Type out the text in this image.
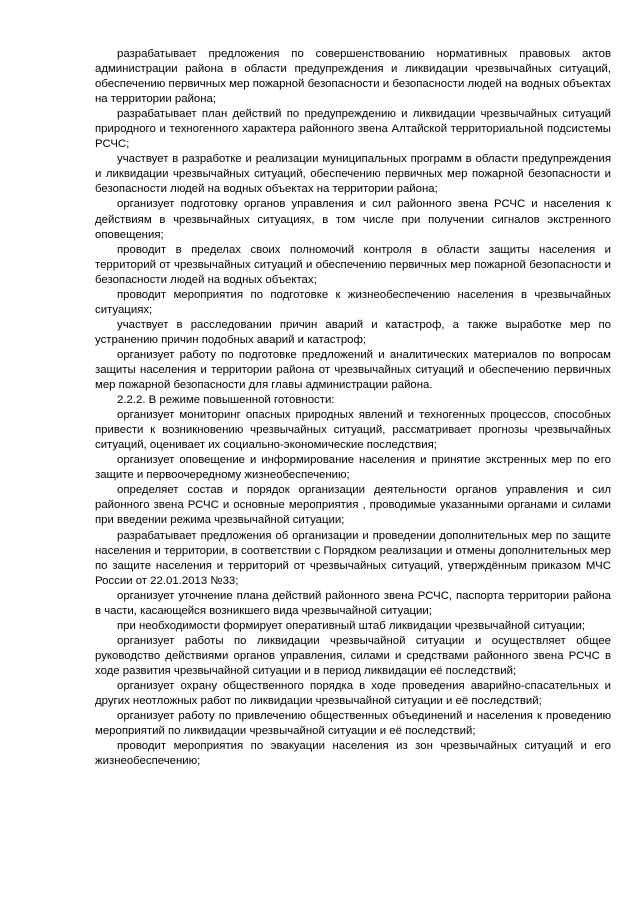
разрабатывает предложения по совершенствованию нормативных правовых актов администрации района в области предупреждения и ликвидации чрезвычайных ситуаций, обеспечению первичных мер пожарной безопасности и безопасности людей на водных объектах на территории района;

разрабатывает план действий по предупреждению и ликвидации чрезвычайных ситуаций природного и техногенного характера районного звена Алтайской территориальной подсистемы РСЧС;

участвует в разработке и реализации муниципальных программ в области предупреждения и ликвидации чрезвычайных ситуаций, обеспечению первичных мер пожарной безопасности и безопасности людей на водных объектах на территории района;

организует подготовку органов управления и сил районного звена РСЧС и населения к действиям в чрезвычайных ситуациях, в том числе при получении сигналов экстренного оповещения;

проводит в пределах своих полномочий контроля в области защиты населения и территорий от чрезвычайных ситуаций и обеспечению первичных мер пожарной безопасности и безопасности людей на водных объектах;

проводит мероприятия по подготовке к жизнеобеспечению населения в чрезвычайных ситуациях;

участвует в расследовании причин аварий и катастроф, а также выработке мер по устранению причин подобных аварий и катастроф;

организует работу по подготовке предложений и аналитических материалов по вопросам защиты населения и территории района от чрезвычайных ситуаций и обеспечению первичных мер пожарной безопасности для главы администрации района.

2.2.2. В режиме повышенной готовности:

организует мониторинг опасных природных явлений и техногенных процессов, способных привести к возникновению чрезвычайных ситуаций, рассматривает прогнозы чрезвычайных ситуаций, оценивает их социально-экономические последствия;

организует оповещение и информирование населения и принятие экстренных мер по его защите и первоочередному жизнеобеспечению;

определяет состав и порядок организации деятельности органов управления и сил районного звена РСЧС и основные мероприятия , проводимые указанными органами и силами при введении режима чрезвычайной ситуации;

разрабатывает предложения об организации и проведении дополнительных мер по защите населения и территории, в соответствии с Порядком реализации и отмены дополнительных мер по защите населения и территорий от чрезвычайных ситуаций, утверждённым приказом МЧС России от 22.01.2013 №33;

организует уточнение плана действий районного звена РСЧС, паспорта территории района в части, касающейся возникшего вида чрезвычайной ситуации;

при необходимости формирует оперативный штаб ликвидации чрезвычайной ситуации;

организует работы по ликвидации чрезвычайной ситуации и осуществляет общее руководство действиями органов управления, силами и средствами районного звена РСЧС в ходе развития чрезвычайной ситуации и в период ликвидации её последствий;

организует охрану общественного порядка в ходе проведения аварийно-спасательных и других неотложных работ по ликвидации чрезвычайной ситуации и её последствий;

организует работу по привлечению общественных объединений и населения к проведению мероприятий по ликвидации чрезвычайной ситуации и её последствий;

проводит мероприятия по эвакуации населения из зон чрезвычайных ситуаций и его жизнеобеспечению;
